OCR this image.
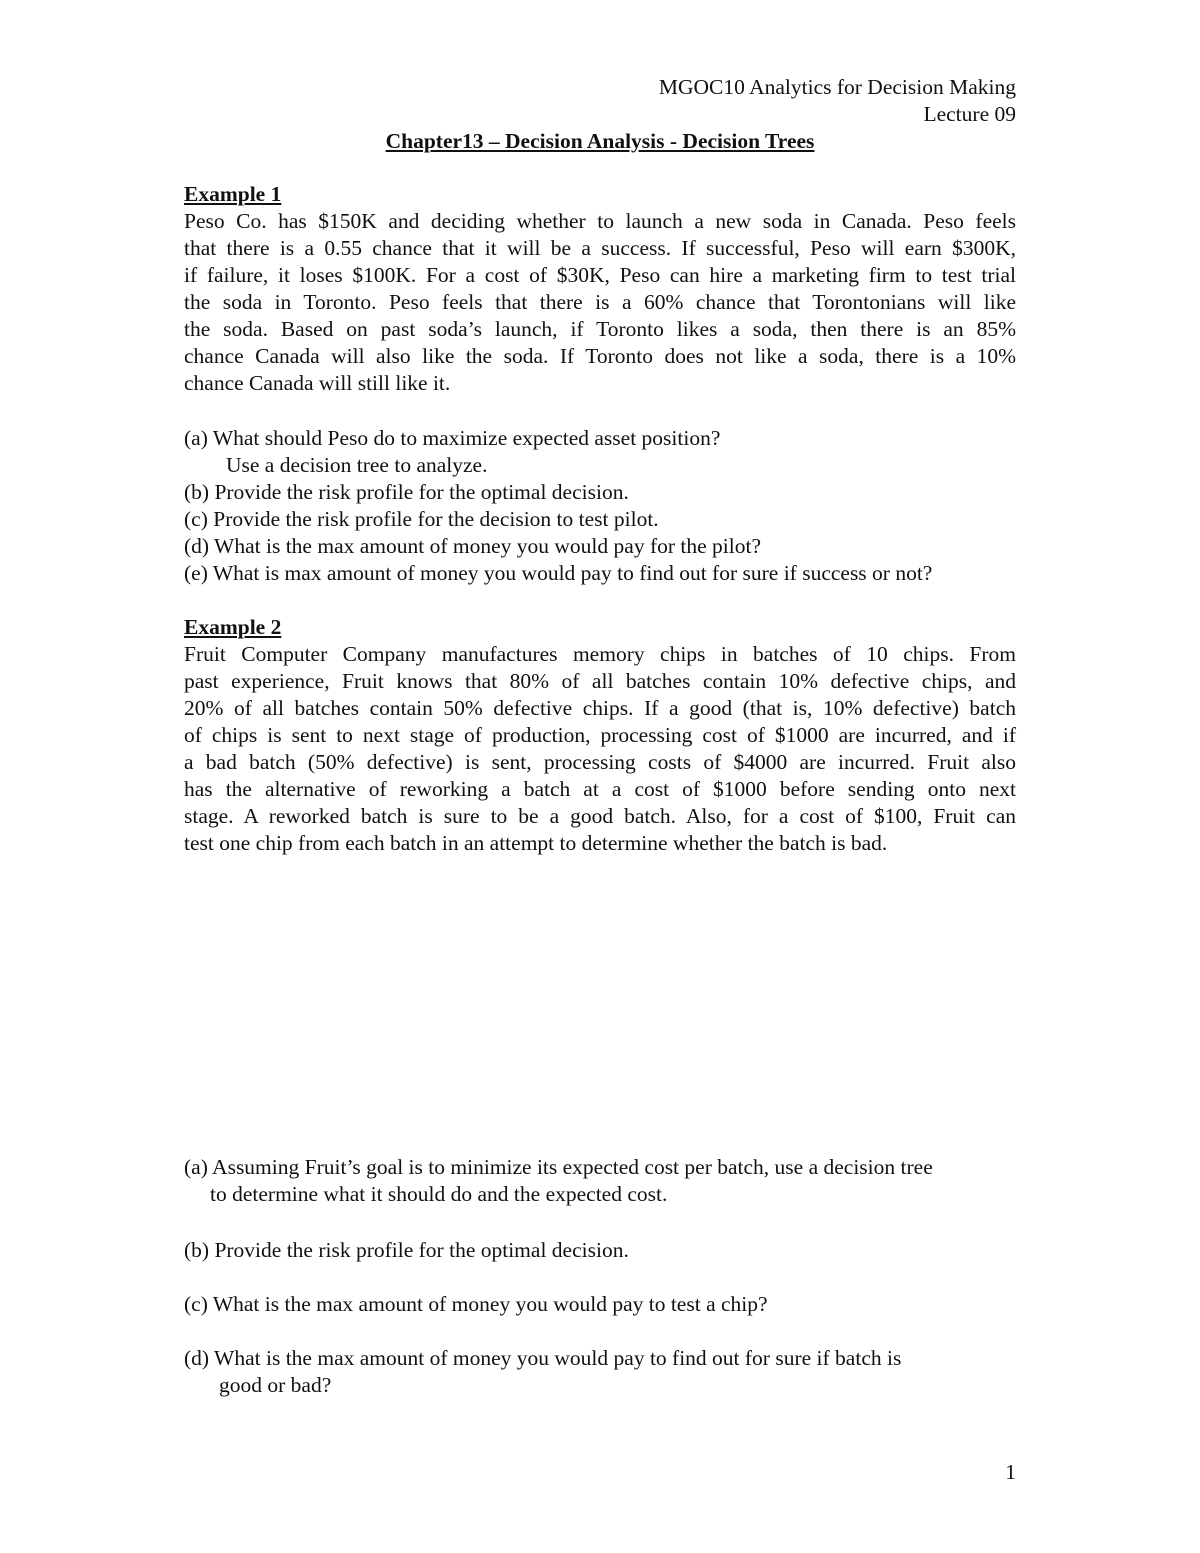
MGOC10 Analytics for Decision Making
Lecture 09
Chapter13 – Decision Analysis - Decision Trees
Example 1
Peso Co. has $150K and deciding whether to launch a new soda in Canada. Peso feels
that there is a 0.55 chance that it will be a success. If successful, Peso will earn $300K,
if failure, it loses $100K. For a cost of $30K, Peso can hire a marketing firm to test trial
the soda in Toronto. Peso feels that there is a 60% chance that Torontonians will like
the soda. Based on past soda’s launch, if Toronto likes a soda, then there is an 85%
chance Canada will also like the soda. If Toronto does not like a soda, there is a 10%
chance Canada will still like it.
(a) What should Peso do to maximize expected asset position?
Use a decision tree to analyze.
(b) Provide the risk profile for the optimal decision.
(c) Provide the risk profile for the decision to test pilot.
(d) What is the max amount of money you would pay for the pilot?
(e) What is max amount of money you would pay to find out for sure if success or not?
Example 2
Fruit Computer Company manufactures memory chips in batches of 10 chips. From
past experience, Fruit knows that 80% of all batches contain 10% defective chips, and
20% of all batches contain 50% defective chips. If a good (that is, 10% defective) batch
of chips is sent to next stage of production, processing cost of $1000 are incurred, and if
a bad batch (50% defective) is sent, processing costs of $4000 are incurred. Fruit also
has the alternative of reworking a batch at a cost of $1000 before sending onto next
stage. A reworked batch is sure to be a good batch. Also, for a cost of $100, Fruit can
test one chip from each batch in an attempt to determine whether the batch is bad.
(a) Assuming Fruit’s goal is to minimize its expected cost per batch, use a decision tree
to determine what it should do and the expected cost.
(b) Provide the risk profile for the optimal decision.
(c) What is the max amount of money you would pay to test a chip?
(d) What is the max amount of money you would pay to find out for sure if batch is
good or bad?
1
